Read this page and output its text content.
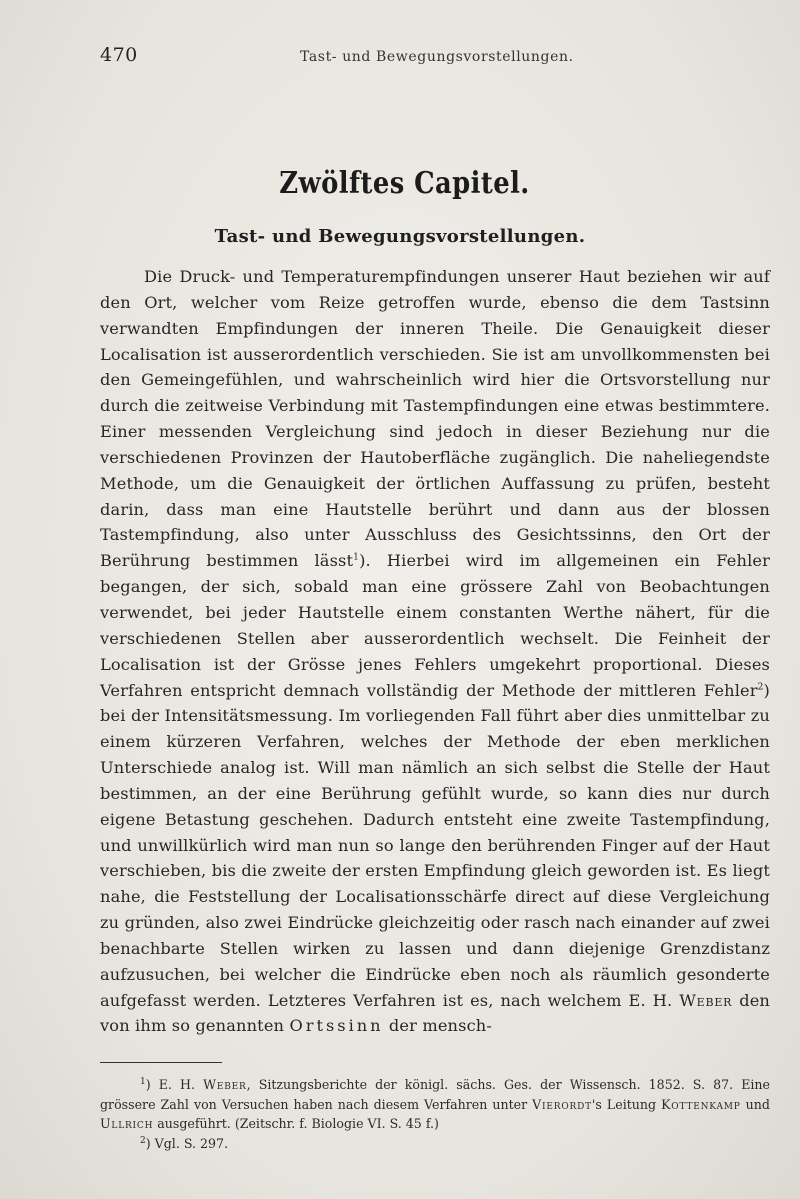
470	Tast- und Bewegungsvorstellungen.
Zwölftes Capitel.
Tast- und Bewegungsvorstellungen.

Die Druck- und Temperaturempfindungen unserer Haut beziehen wir auf den Ort, welcher vom Reize getroffen wurde, ebenso die dem Tastsinn verwandten Empfindungen der inneren Theile. Die Genauigkeit dieser Localisation ist ausserordentlich verschieden. Sie ist am unvollkommensten bei den Gemeingefühlen, und wahrscheinlich wird hier die Ortsvorstellung nur durch die zeitweise Verbindung mit Tastempfindungen eine etwas bestimmtere. Einer messenden Vergleichung sind jedoch in dieser Beziehung nur die verschiedenen Provinzen der Hautoberfläche zugänglich. Die naheliegendste Methode, um die Genauigkeit der örtlichen Auffassung zu prüfen, besteht darin, dass man eine Hautstelle berührt und dann aus der blossen Tastempfindung, also unter Ausschluss des Gesichtssinns, den Ort der Berührung bestimmen lässt$^1$). Hierbei wird im allgemeinen ein Fehler begangen, der sich, sobald man eine grössere Zahl von Beobachtungen verwendet, bei jeder Hautstelle einem constanten Werthe nähert, für die verschiedenen Stellen aber ausserordentlich wechselt. Die Feinheit der Localisation ist der Grösse jenes Fehlers umgekehrt proportional. Dieses Verfahren entspricht demnach vollständig der Methode der mittleren Fehler$^2$) bei der Intensitätsmessung. Im vorliegenden Fall führt aber dies unmittelbar zu einem kürzeren Verfahren, welches der Methode der eben merklichen Unterschiede analog ist. Will man nämlich an sich selbst die Stelle der Haut bestimmen, an der eine Berührung gefühlt wurde, so kann dies nur durch eigene Betastung geschehen. Dadurch entsteht eine zweite Tastempfindung, und unwillkürlich wird man nun so lange den berührenden Finger auf der Haut verschieben, bis die zweite der ersten Empfindung gleich geworden ist. Es liegt nahe, die Feststellung der Localisationsschärfe direct auf diese Vergleichung zu gründen, also zwei Eindrücke gleichzeitig oder rasch nach einander auf zwei benachbarte Stellen wirken zu lassen und dann diejenige Grenzdistanz aufzusuchen, bei welcher die Eindrücke eben noch als räumlich gesonderte aufgefasst werden. Letzteres Verfahren ist es, nach welchem E. H. Weber den von ihm so genannten Ortssinn der mensch-

$^1$) E. H. Weber, Sitzungsberichte der königl. sächs. Ges. der Wissensch. 1852. S. 87. Eine grössere Zahl von Versuchen haben nach diesem Verfahren unter Vierordt's Leitung Kottenkamp und Ullrich ausgeführt. (Zeitschr. f. Biologie VI. S. 45 f.)

$^2$) Vgl. S. 297.
